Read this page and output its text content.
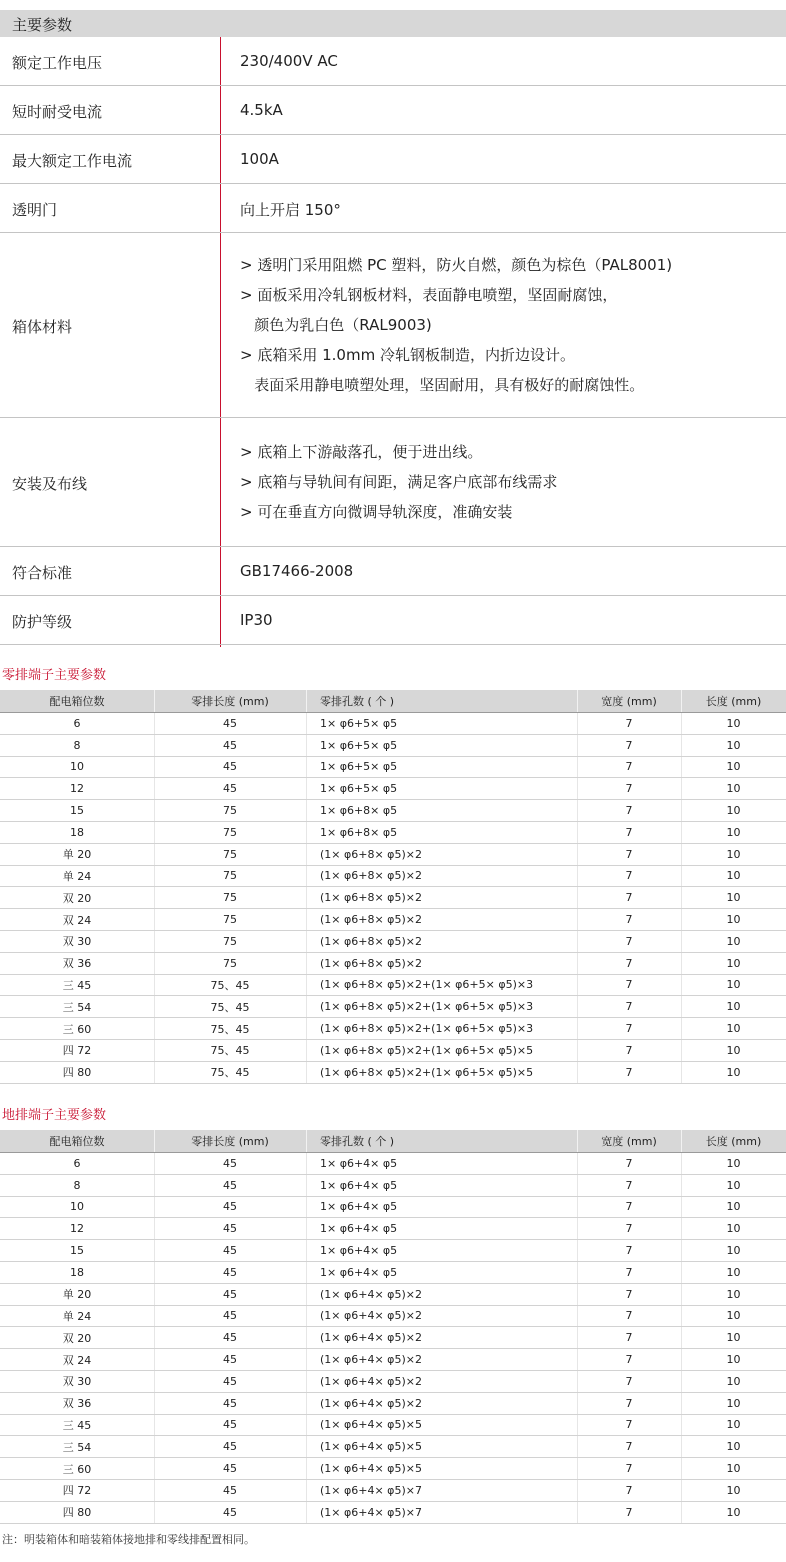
主要参数
额定工作电压	230/400V AC
短时耐受电流	4.5kA
最大额定工作电流	100A
透明门	向上开启 150°
箱体材料
> 透明门采用阻燃 PC 塑料，防火自燃，颜色为棕色（PAL8001)
> 面板采用冷轧钢板材料，表面静电喷塑，坚固耐腐蚀，
颜色为乳白色（RAL9003)
> 底箱采用 1.0mm 冷轧钢板制造，内折边设计。
表面采用静电喷塑处理，坚固耐用，具有极好的耐腐蚀性。
安装及布线
> 底箱上下游敲落孔，便于进出线。
> 底箱与导轨间有间距，满足客户底部布线需求
> 可在垂直方向微调导轨深度，准确安装
符合标准	GB17466-2008
防护等级	IP30
零排端子主要参数
配电箱位数	零排长度 (mm)	零排孔数 ( 个 )	宽度 (mm)	长度 (mm)
6	45	1× φ6+5× φ5	7	10
8	45	1× φ6+5× φ5	7	10
10	45	1× φ6+5× φ5	7	10
12	45	1× φ6+5× φ5	7	10
15	75	1× φ6+8× φ5	7	10
18	75	1× φ6+8× φ5	7	10
单 20	75	(1× φ6+8× φ5)×2	7	10
单 24	75	(1× φ6+8× φ5)×2	7	10
双 20	75	(1× φ6+8× φ5)×2	7	10
双 24	75	(1× φ6+8× φ5)×2	7	10
双 30	75	(1× φ6+8× φ5)×2	7	10
双 36	75	(1× φ6+8× φ5)×2	7	10
三 45	75、45	(1× φ6+8× φ5)×2+(1× φ6+5× φ5)×3	7	10
三 54	75、45	(1× φ6+8× φ5)×2+(1× φ6+5× φ5)×3	7	10
三 60	75、45	(1× φ6+8× φ5)×2+(1× φ6+5× φ5)×3	7	10
四 72	75、45	(1× φ6+8× φ5)×2+(1× φ6+5× φ5)×5	7	10
四 80	75、45	(1× φ6+8× φ5)×2+(1× φ6+5× φ5)×5	7	10
地排端子主要参数
配电箱位数	零排长度 (mm)	零排孔数 ( 个 )	宽度 (mm)	长度 (mm)
6	45	1× φ6+4× φ5	7	10
8	45	1× φ6+4× φ5	7	10
10	45	1× φ6+4× φ5	7	10
12	45	1× φ6+4× φ5	7	10
15	45	1× φ6+4× φ5	7	10
18	45	1× φ6+4× φ5	7	10
单 20	45	(1× φ6+4× φ5)×2	7	10
单 24	45	(1× φ6+4× φ5)×2	7	10
双 20	45	(1× φ6+4× φ5)×2	7	10
双 24	45	(1× φ6+4× φ5)×2	7	10
双 30	45	(1× φ6+4× φ5)×2	7	10
双 36	45	(1× φ6+4× φ5)×2	7	10
三 45	45	(1× φ6+4× φ5)×5	7	10
三 54	45	(1× φ6+4× φ5)×5	7	10
三 60	45	(1× φ6+4× φ5)×5	7	10
四 72	45	(1× φ6+4× φ5)×7	7	10
四 80	45	(1× φ6+4× φ5)×7	7	10
注：明装箱体和暗装箱体接地排和零线排配置相同。
